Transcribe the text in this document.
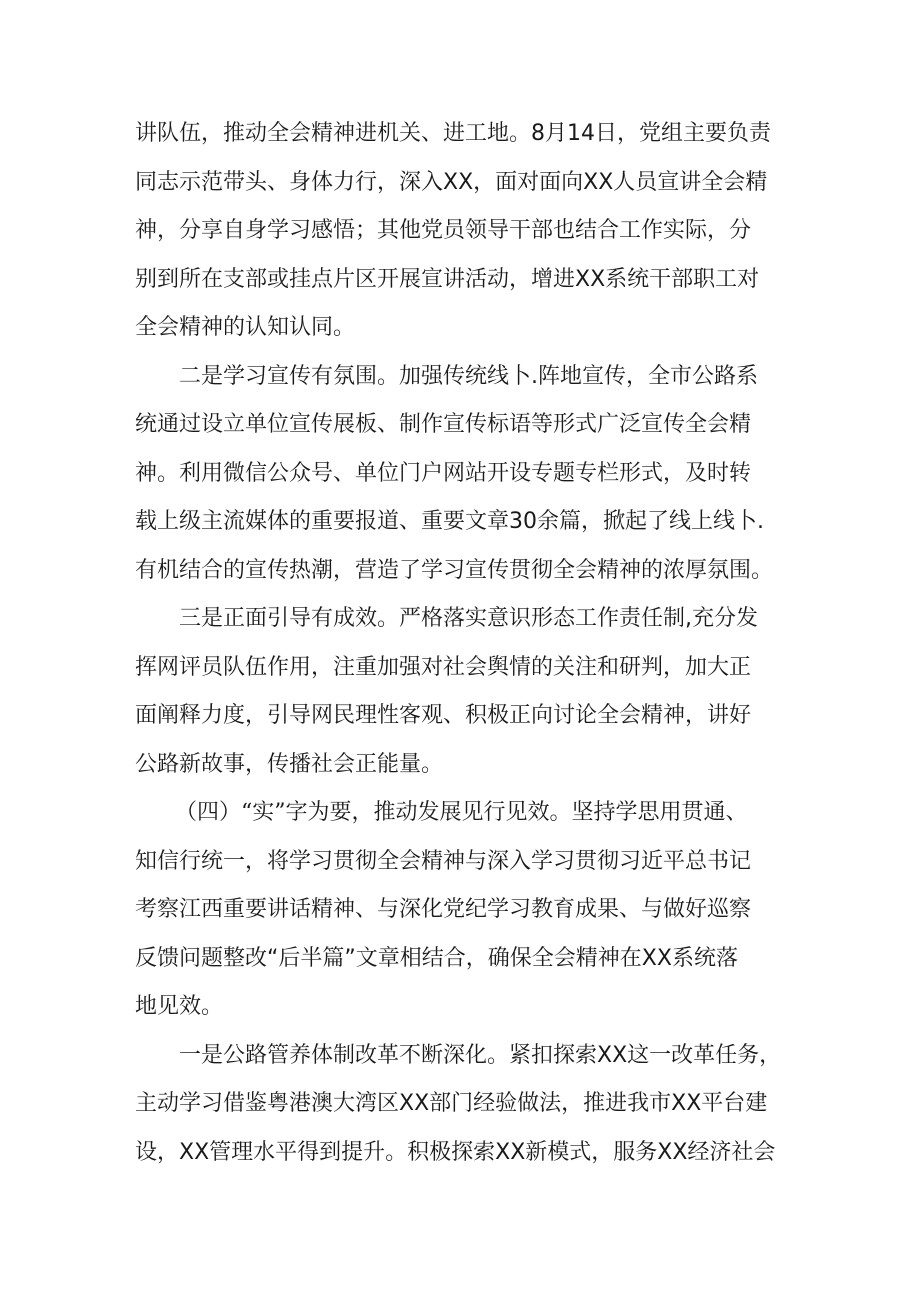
讲队伍，推动全会精神进机关、进工地。8月14日，党组主要负责
同志示范带头、身体力行，深入XX，面对面向XX人员宣讲全会精
神，分享自身学习感悟；其他党员领导干部也结合工作实际，分
别到所在支部或挂点片区开展宣讲活动，增进XX系统干部职工对
全会精神的认知认同。
二是学习宣传有氛围。加强传统线卜.阵地宣传，全市公路系
统通过设立单位宣传展板、制作宣传标语等形式广泛宣传全会精
神。利用微信公众号、单位门户网站开设专题专栏形式，及时转
载上级主流媒体的重要报道、重要文章30余篇，掀起了线上线卜.
有机结合的宣传热潮，营造了学习宣传贯彻全会精神的浓厚氛围。
三是正面引导有成效。严格落实意识形态工作责任制,充分发
挥网评员队伍作用，注重加强对社会舆情的关注和研判，加大正
面阐释力度，引导网民理性客观、积极正向讨论全会精神，讲好
公路新故事，传播社会正能量。
（四）“实”字为要，推动发展见行见效。坚持学思用贯通、
知信行统一，将学习贯彻全会精神与深入学习贯彻习近平总书记
考察江西重要讲话精神、与深化党纪学习教育成果、与做好巡察
反馈问题整改“后半篇”文章相结合，确保全会精神在XX系统落
地见效。
一是公路管养体制改革不断深化。紧扣探索XX这一改革任务，
主动学习借鉴粤港澳大湾区XX部门经验做法，推进我市XX平台建
设，XX管理水平得到提升。积极探索XX新模式，服务XX经济社会
